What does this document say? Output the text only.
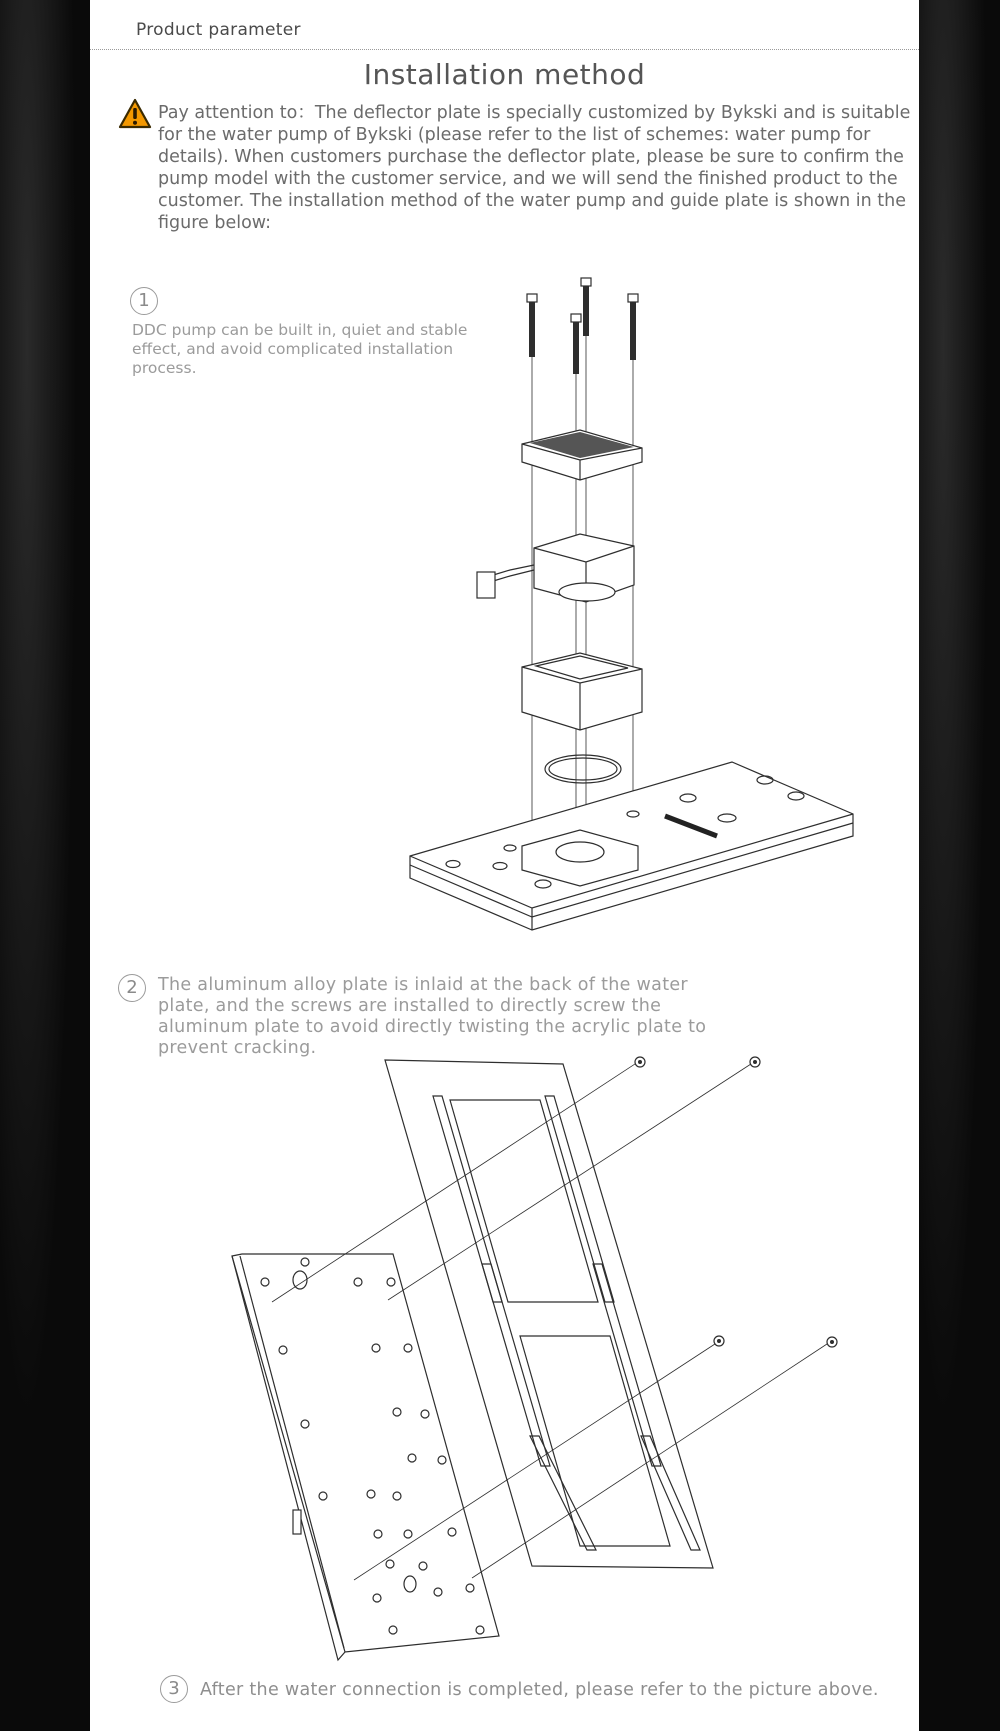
Product parameter
Installation method
Pay attention to：The deflector plate is specially customized by Bykski and is suitable for the water pump of Bykski (please refer to the list of schemes: water pump for details). When customers purchase the deflector plate, please be sure to confirm the pump model with the customer service, and we will send the finished product to the customer. The installation method of the water pump and guide plate is shown in the figure below:
1
DDC pump can be built in, quiet and stable effect, and avoid complicated installation process.
2	The aluminum alloy plate is inlaid at the back of the water plate, and the screws are installed to directly screw the aluminum plate to avoid directly twisting the acrylic plate to prevent cracking.
3	After the water connection is completed, please refer to the picture above.
